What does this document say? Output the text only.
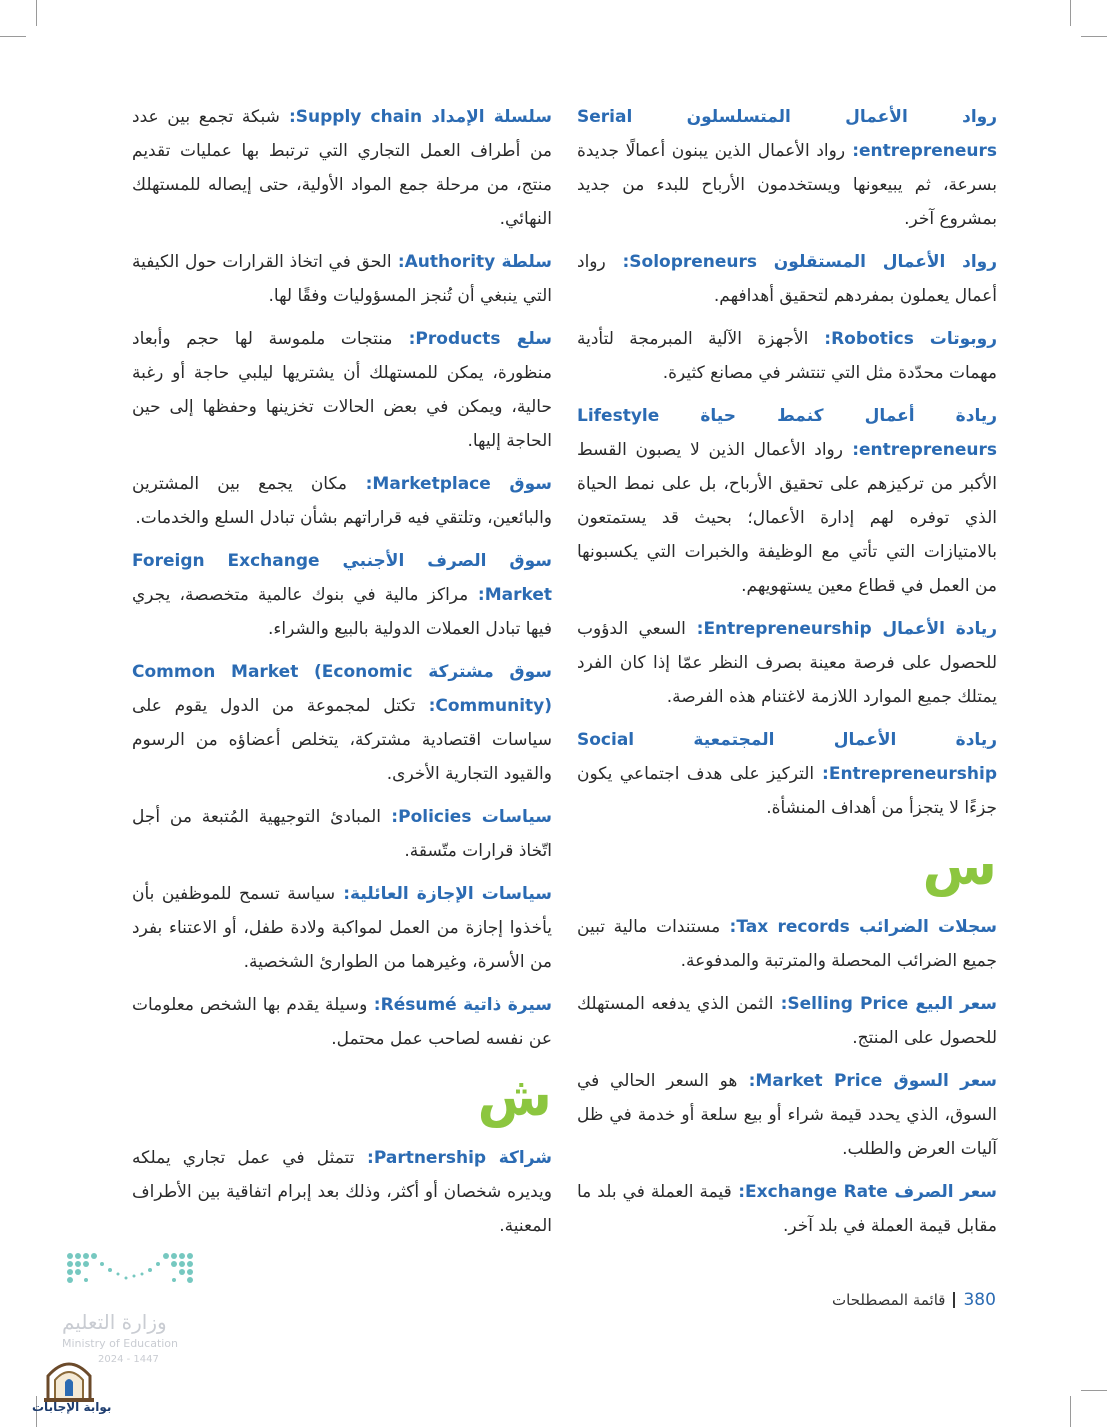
رواد الأعمال المتسلسلون Serial entrepreneurs: رواد الأعمال الذين يبنون أعمالًا جديدة بسرعة، ثم يبيعونها ويستخدمون الأرباح للبدء من جديد بمشروع آخر.

رواد الأعمال المستقلون Solopreneurs: رواد أعمال يعملون بمفردهم لتحقيق أهدافهم.

روبوتات Robotics: الأجهزة الآلية المبرمجة لتأدية مهمات محدّدة مثل التي تنتشر في مصانع كثيرة.

ريادة أعمال كنمط حياة Lifestyle entrepreneurs: رواد الأعمال الذين لا يصبون القسط الأكبر من تركيزهم على تحقيق الأرباح، بل على نمط الحياة الذي توفره لهم إدارة الأعمال؛ بحيث قد يستمتعون بالامتيازات التي تأتي مع الوظيفة والخبرات التي يكسبونها من العمل في قطاع معين يستهويهم.

ريادة الأعمال Entrepreneurship: السعي الدؤوب للحصول على فرصة معينة بصرف النظر عمّا إذا كان الفرد يمتلك جميع الموارد اللازمة لاغتنام هذه الفرصة.

ريادة الأعمال المجتمعية Social Entrepreneurship: التركيز على هدف اجتماعي يكون جزءًا لا يتجزأ من أهداف المنشأة.

س

سجلات الضرائب Tax records: مستندات مالية تبين جميع الضرائب المحصلة والمترتبة والمدفوعة.

سعر البيع Selling Price: الثمن الذي يدفعه المستهلك للحصول على المنتج.

سعر السوق Market Price: هو السعر الحالي في السوق، الذي يحدد قيمة شراء أو بيع سلعة أو خدمة في ظل آليات العرض والطلب.

سعر الصرف Exchange Rate: قيمة العملة في بلد ما مقابل قيمة العملة في بلد آخر.

سلسلة الإمداد Supply chain: شبكة تجمع بين عدد من أطراف العمل التجاري التي ترتبط بها عمليات تقديم منتج، من مرحلة جمع المواد الأولية، حتى إيصاله للمستهلك النهائي.

سلطة Authority: الحق في اتخاذ القرارات حول الكيفية التي ينبغي أن تُنجز المسؤوليات وفقًا لها.

سلع Products: منتجات ملموسة لها حجم وأبعاد منظورة، يمكن للمستهلك أن يشتريها ليلبي حاجة أو رغبة حالية، ويمكن في بعض الحالات تخزينها وحفظها إلى حين الحاجة إليها.

سوق Marketplace: مكان يجمع بين المشترين والبائعين، وتلتقي فيه قراراتهم بشأن تبادل السلع والخدمات.

سوق الصرف الأجنبي Foreign Exchange Market: مراكز مالية في بنوك عالمية متخصصة، يجري فيها تبادل العملات الدولية بالبيع والشراء.

سوق مشتركة Common Market (Economic Community): تكتل لمجموعة من الدول يقوم على سياسات اقتصادية مشتركة، يتخلص أعضاؤه من الرسوم والقيود التجارية الأخرى.

سياسات Policies: المبادئ التوجيهية المُتبعة من أجل اتّخاذ قرارات متّسقة.

سياسات الإجازة العائلية: سياسة تسمح للموظفين بأن يأخذوا إجازة من العمل لمواكبة ولادة طفل، أو الاعتناء بفرد من الأسرة، وغيرهما من الطوارئ الشخصية.

سيرة ذاتية Résumé: وسيلة يقدم بها الشخص معلومات عن نفسه لصاحب عمل محتمل.

ش

شراكة Partnership: تتمثل في عمل تجاري يملكه ويديره شخصان أو أكثر، وذلك بعد إبرام اتفاقية بين الأطراف المعنية.

380
قائمة المصطلحات
وزارة التعليم
Ministry of Education
2024 - 1447
بوابة الإجابات
